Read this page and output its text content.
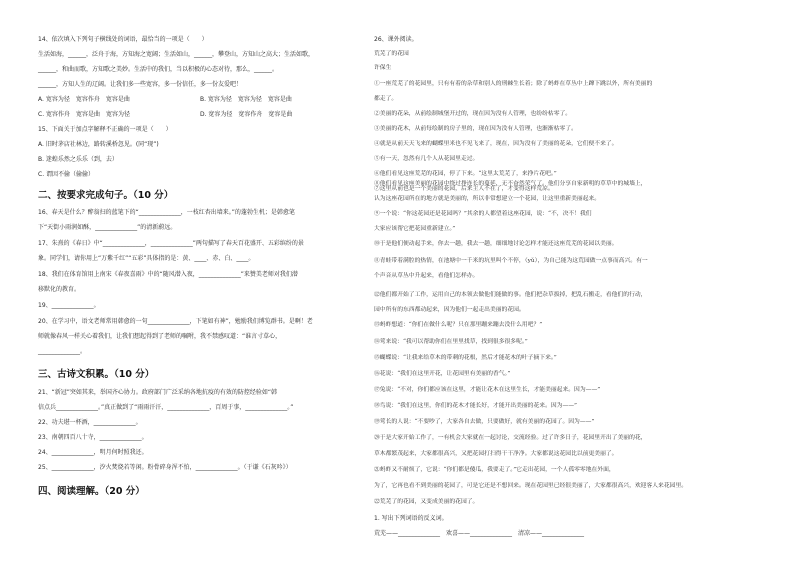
14、依次填入下列句子横线处的词语，最恰当的一项是（　　）
生活如海，______，泛舟于海，方知海之宽阔；生活如山，______，攀登山，方知山之高大；生活如歌，
______，和曲而歌，方知歌之美妙。生活中的我们，当以积极的心态对待，那么，______。
______，方知人生的辽阔。让我们多一些宽容，多一份信任，多一份友爱吧！
A. 宽容为径　宽容作舟　宽容是曲	B. 宽容为径　宽容为径　宽容是曲
C. 宽容作舟　宽容是曲　宽容为径	D. 宽容为径　宽容作舟　宽容是曲
15、下面关于加点字解释不正确的一项是（　　）
A. 旧时茅店社林边，路转溪桥忽见。(同“现”)
B. 迷蝗乐然之乐乐（到，去）
C. 谓因不偷（偷偷）
二、按要求完成句子。（10 分）
16、春天是什么？醉翁扫的蓝笔下的“______________，一枝红杏出墙来。”的蓬勃生机；是韩愈笔
下“天街小雨润如酥，______________”的清新蔚远。
17、朱熹的《春日》中“______________，______________”两句描写了春天百花盛开、五彩缤纷的景
象。同学们，请你用上“万紫千红”“五彩”具体指的是：黄、____、赤、白、____。
18、我们在体育馆用上南宋《春夜喜雨》中的“随风潜入夜，______________”来赞美老师对我们潜
移默化的教育。
19、______________。
20、在学习中，语文老师常用韩愈的一句______________，下笔如有神”，勉励我们博览群书。是啊！老
师就像春风一样关心着我们，让我们想起得到了老师的嘱咐，我不禁感叹道：“谁言寸草心，
______________。
三、古诗文积累。（10 分）
21、“新冠”突如其来，举国齐心协力。政府部门广泛采纳各地抗疫的有效的防控经验如“韩
信点兵______________。”真正做到了“雨雨汗汗，______________，百周于事，______________。”
22、功夫堪一杯酒，______________。
23、南朝四百八十寺，______________。
24、______________，明月何时照我还。
25、______________，汐火焚烧若等闲。粉骨碎身浑不怕，______________。（于谦《石灰吟》）
四、阅读理解。（20 分）
26、课外阅读。
荒芜了的花园
许保生
①一座荒芜了的花园里，只有有着的杂草和别人的刑棘生长着；除了蚂蚱在草丛中上蹿下跳以外，所有美丽的
都走了。
②美丽的花朵，从前绘制城堡开过的，现在因为没有人管理，也纷纷枯零了。
③美丽的花木，从前每绘制的房子里的，现在因为没有人管理，也渐渐枯零了。
④就是从前天天飞来的蝴蝶里米也不见飞来了，现在，因为没有了美丽的花朵，它们便不来了。
⑤有一天，忽然有几个人从花园里走过。
⑥他们看见这座荒芜的花园，停了下来。“这里太荒芜了，来挣片花吧。”
⑦这里从前也是一个美丽的花园，后来主人不在了，才变得这样荒凉。
⑧他们看见这座美丽的花园中绕过挣连长的蔓延，无不奋然荣气了。他们分享自家新明的草草中的城墙上，
认为这座花园所在的地方就是美丽的，所以非常想建立一个花园，让这里重新美丽起来。
⑨一个说：“你这花园还是花园吗？”其余的人都望着这座花园，说：“不，决不！我们
大家应该帮它把花园重新建立。”
⑩于是他们便动起手来，你去一趟，我去一趟，细细地讨论怎样才能还这座荒芜的花园以美丽。
⑪青蛙带着满腔的热情，在池塘中一千米的坑里叫个不停，（yǔ），为自己能为这荒园做一点事而高兴。有一
个声音从草丛中升起来，看他们怎样办。
⑫他们都开始了工作，运用自己的本领去做他们能做的事。他们把杂草拔掉，把乱石搬走，看他们的行动，
园中所有的东西都动起来，因为他们一起走出美丽的花园。
⑬蚂蚱想道：“你们在做什么呢？只在那里蹦来蹦去没什么用吧？”
⑭莺来说：“我可以帮助你们在里里找草，找到很多很多呢。”
⑮蝴蝶说：“让我来给草木的带刺的花根，然后才能花木的叶子摘下来。”
⑯花说：“我们在这里开花，让花园里有美丽的香气。”
⑰兔说：“不对，你们都应该在这里，才能让花木在这里生长，才能美丽起来。因为——”
⑱鸟说：“我们在这里，你们的花木才能长好，才能开出美丽的花来。因为——”
⑲莺长的人说：“不要吵了，大家各自去做，只要做好，就有美丽的花园了。因为——”
⑳于是大家开始工作了，一有机会大家就在一起讨论，交流经验。过了许多日子，花园里开出了美丽的花，
草木都繁茂起来，大家都很高兴，又把花园打扫得干干净净。大家都说这花园比以前更美丽了。
㉑蚂蚱又不耐烦了，它说：“你们都是傻瓜，我要走了。”它走出花园，一个人孤零零地在外面，
为了，它再也看不到美丽的花园了，可是它还是不想回来。现在花园里已经很美丽了，大家都很高兴，欢迎客人来花园里。
㉒荒芜了的花园，又变成美丽的花园了。
1. 写出下列词语的反义词。
荒芜——______________　欢喜——______________　清凉——______________
